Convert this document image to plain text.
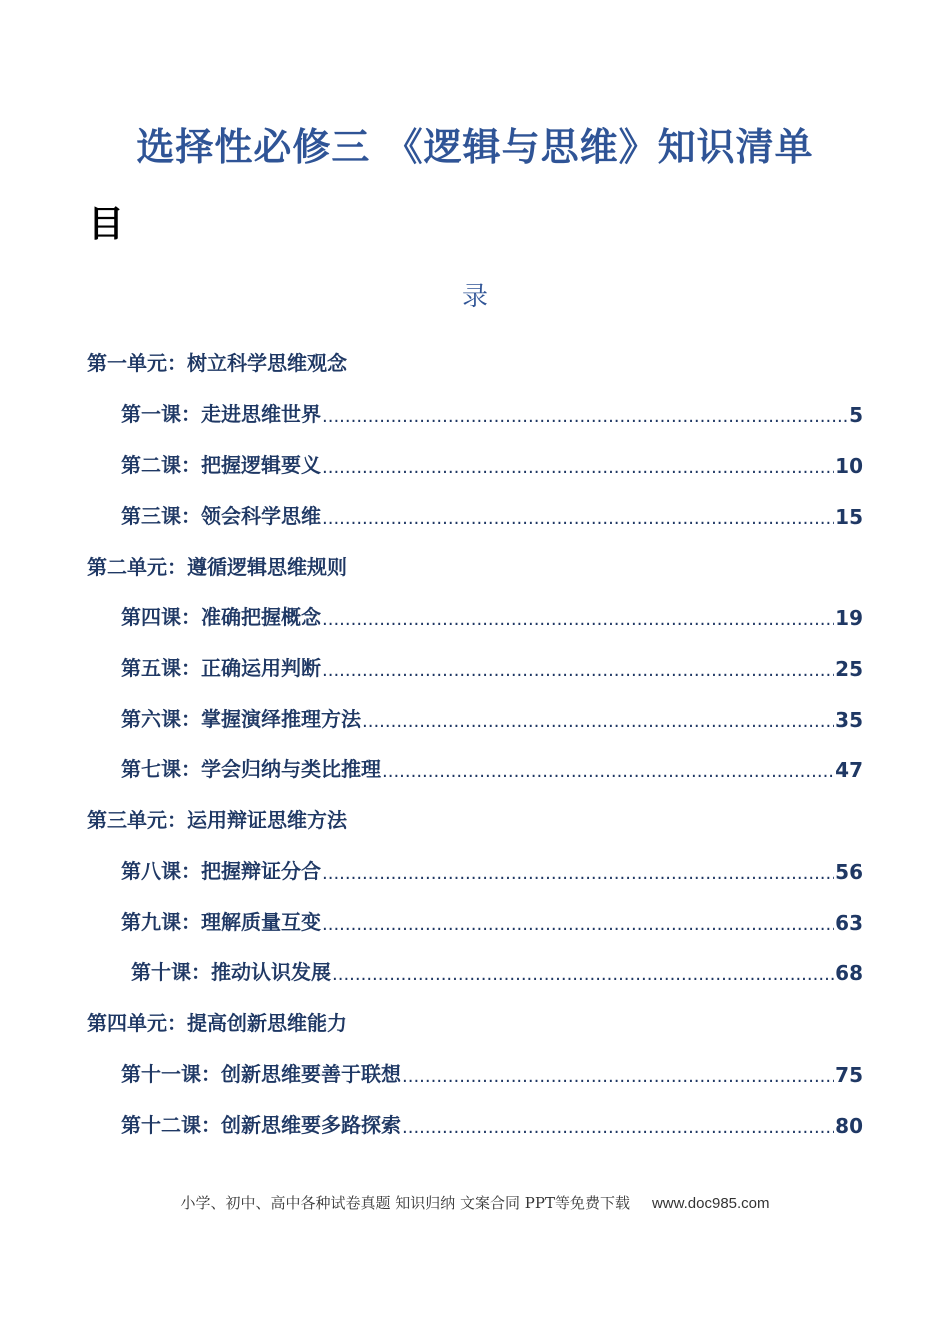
选择性必修三 《逻辑与思维》知识清单
目
录
第一单元：树立科学思维观念
第一课：走进思维世界 .....	5
第二课：把握逻辑要义 .....	10
第三课：领会科学思维 .....	15
第二单元：遵循逻辑思维规则
第四课：准确把握概念 .....	19
第五课：正确运用判断 .....	25
第六课：掌握演绎推理方法 .....	35
第七课：学会归纳与类比推理 .....	47
第三单元：运用辩证思维方法
第八课：把握辩证分合 .....	56
第九课：理解质量互变 .....	63
第十课：推动认识发展 .....	68
第四单元：提高创新思维能力
第十一课：创新思维要善于联想 .....	75
第十二课：创新思维要多路探索 .....	80
小学、初中、高中各种试卷真题 知识归纳 文案合同 PPT等免费下载 www.doc985.com
